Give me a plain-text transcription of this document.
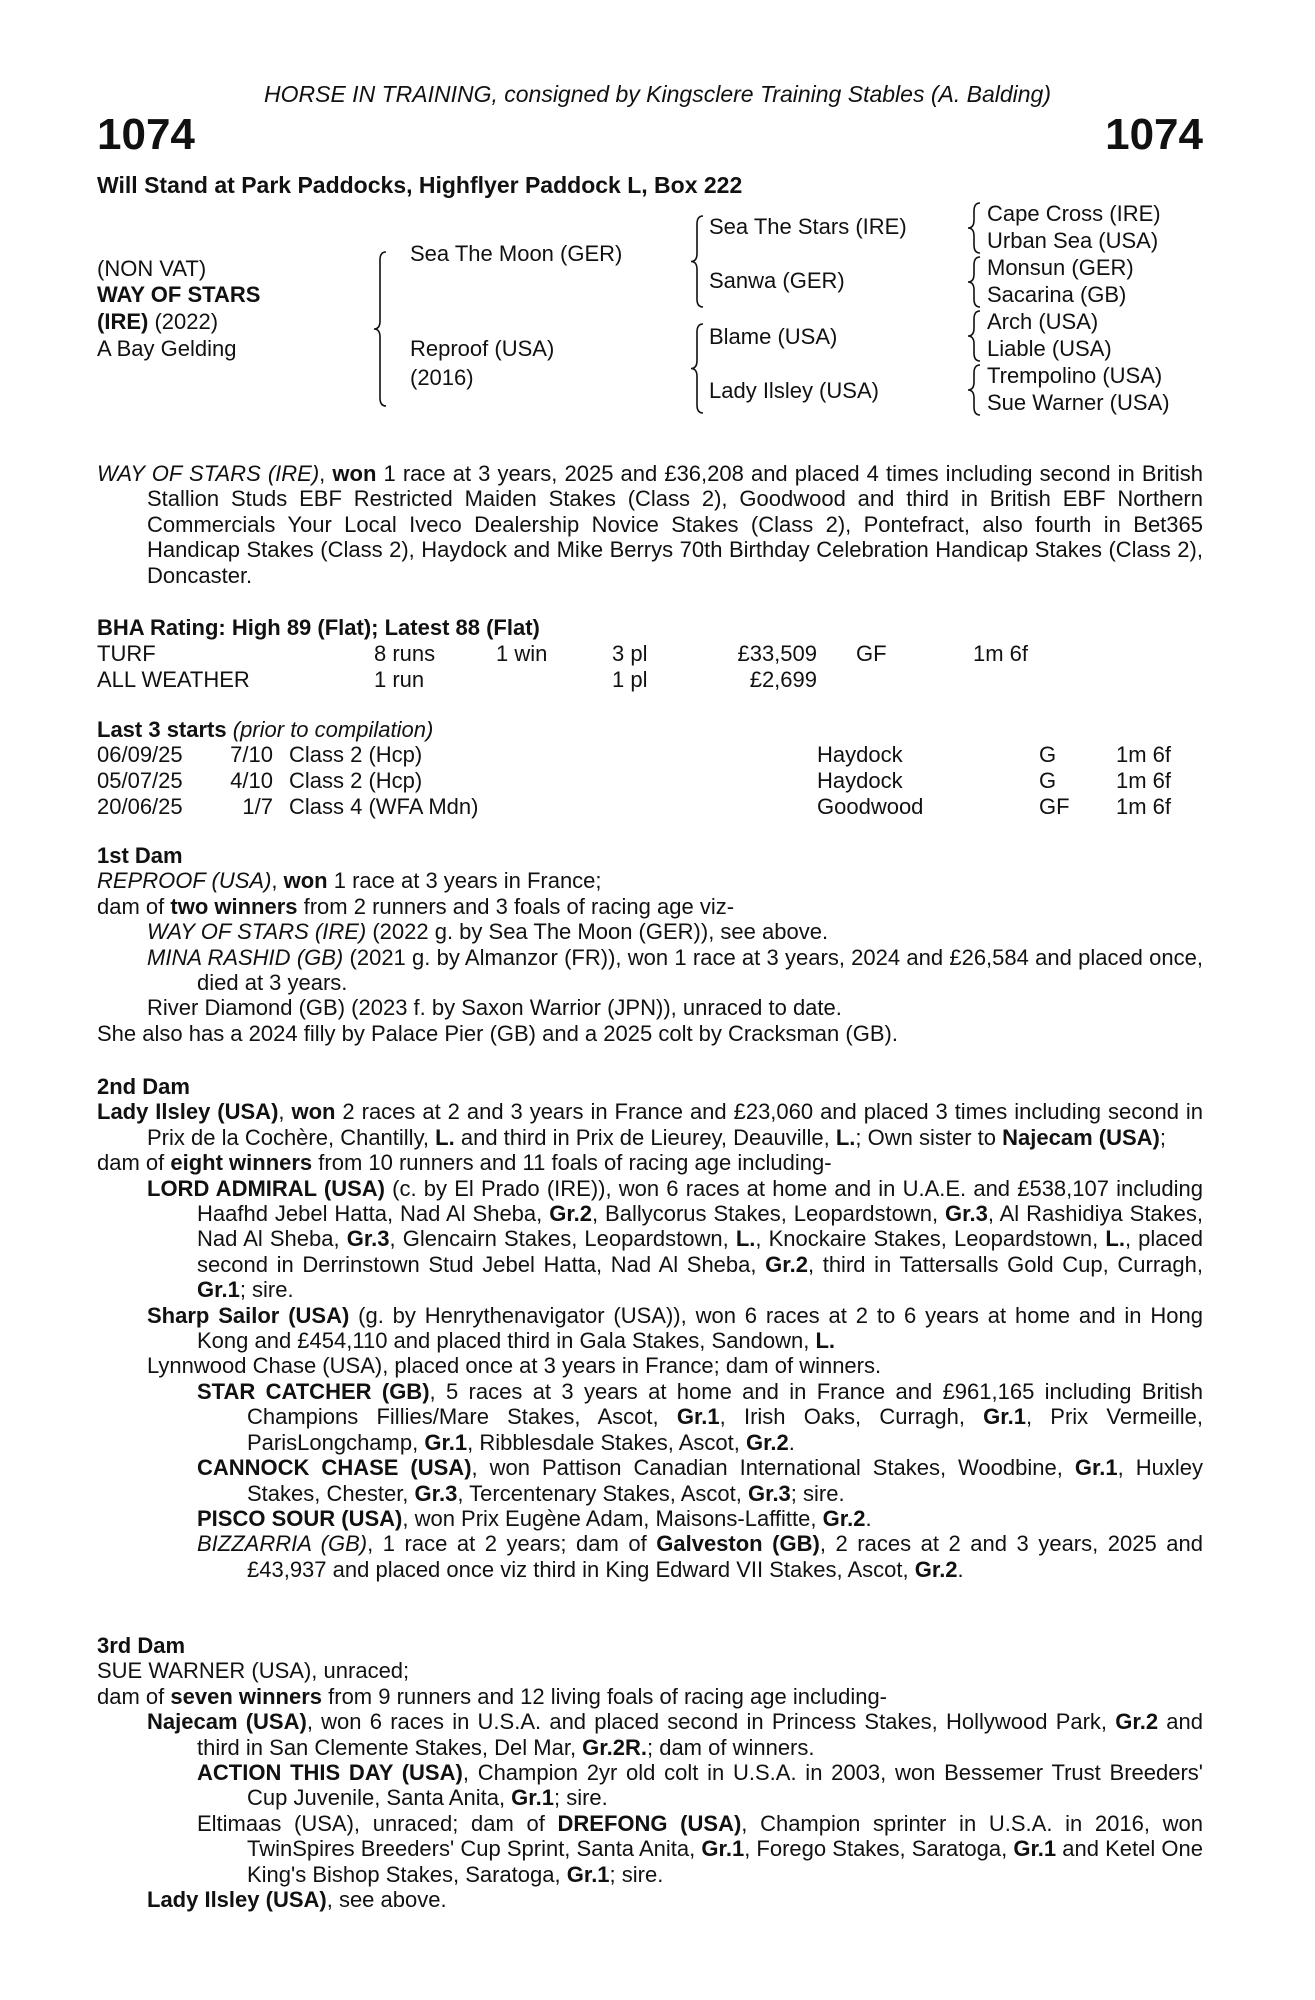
HORSE IN TRAINING, consigned by Kingsclere Training Stables (A. Balding)
1074	1074
Will Stand at Park Paddocks, Highflyer Paddock L, Box 222
(NON VAT)
WAY OF STARS
(IRE) (2022)
A Bay Gelding
Sea The Moon (GER)
Reproof (USA)
(2016)
Sea The Stars (IRE)
Sanwa (GER)
Blame (USA)
Lady Ilsley (USA)
Cape Cross (IRE)
Urban Sea (USA)
Monsun (GER)
Sacarina (GB)
Arch (USA)
Liable (USA)
Trempolino (USA)
Sue Warner (USA)
WAY OF STARS (IRE), won 1 race at 3 years, 2025 and £36,208 and placed 4 times including second in British Stallion Studs EBF Restricted Maiden Stakes (Class 2), Goodwood and third in British EBF Northern Commercials Your Local Iveco Dealership Novice Stakes (Class 2), Pontefract, also fourth in Bet365 Handicap Stakes (Class 2), Haydock and Mike Berrys 70th Birthday Celebration Handicap Stakes (Class 2), Doncaster.
BHA Rating: High 89 (Flat); Latest 88 (Flat)
TURF	8 runs	1 win	3 pl	£33,509 GF	1m 6f
ALL WEATHER	1 run	1 pl	£2,699
Last 3 starts (prior to compilation)
06/09/25 7/10 Class 2 (Hcp)	Haydock	G	1m 6f
05/07/25 4/10 Class 2 (Hcp)	Haydock	G	1m 6f
20/06/25	1/7 Class 4 (WFA Mdn)	Goodwood	GF 1m 6f
1st Dam
REPROOF (USA), won 1 race at 3 years in France;
dam of two winners from 2 runners and 3 foals of racing age viz-
WAY OF STARS (IRE) (2022 g. by Sea The Moon (GER)), see above.
MINA RASHID (GB) (2021 g. by Almanzor (FR)), won 1 race at 3 years, 2024 and £26,584 and placed once, died at 3 years.
River Diamond (GB) (2023 f. by Saxon Warrior (JPN)), unraced to date.
She also has a 2024 filly by Palace Pier (GB) and a 2025 colt by Cracksman (GB).
2nd Dam
Lady Ilsley (USA), won 2 races at 2 and 3 years in France and £23,060 and placed 3 times including second in Prix de la Cochère, Chantilly, L. and third in Prix de Lieurey, Deauville, L.; Own sister to Najecam (USA);
dam of eight winners from 10 runners and 11 foals of racing age including-
LORD ADMIRAL (USA) (c. by El Prado (IRE)), won 6 races at home and in U.A.E. and £538,107 including Haafhd Jebel Hatta, Nad Al Sheba, Gr.2, Ballycorus Stakes, Leopardstown, Gr.3, Al Rashidiya Stakes, Nad Al Sheba, Gr.3, Glencairn Stakes, Leopardstown, L., Knockaire Stakes, Leopardstown, L., placed second in Derrinstown Stud Jebel Hatta, Nad Al Sheba, Gr.2, third in Tattersalls Gold Cup, Curragh, Gr.1; sire.
Sharp Sailor (USA) (g. by Henrythenavigator (USA)), won 6 races at 2 to 6 years at home and in Hong Kong and £454,110 and placed third in Gala Stakes, Sandown, L.
Lynnwood Chase (USA), placed once at 3 years in France; dam of winners.
STAR CATCHER (GB), 5 races at 3 years at home and in France and £961,165 including British Champions Fillies/Mare Stakes, Ascot, Gr.1, Irish Oaks, Curragh, Gr.1, Prix Vermeille, ParisLongchamp, Gr.1, Ribblesdale Stakes, Ascot, Gr.2.
CANNOCK CHASE (USA), won Pattison Canadian International Stakes, Woodbine, Gr.1, Huxley Stakes, Chester, Gr.3, Tercentenary Stakes, Ascot, Gr.3; sire.
PISCO SOUR (USA), won Prix Eugène Adam, Maisons-Laffitte, Gr.2.
BIZZARRIA (GB), 1 race at 2 years; dam of Galveston (GB), 2 races at 2 and 3 years, 2025 and £43,937 and placed once viz third in King Edward VII Stakes, Ascot, Gr.2.
3rd Dam
SUE WARNER (USA), unraced;
dam of seven winners from 9 runners and 12 living foals of racing age including-
Najecam (USA), won 6 races in U.S.A. and placed second in Princess Stakes, Hollywood Park, Gr.2 and third in San Clemente Stakes, Del Mar, Gr.2R.; dam of winners.
ACTION THIS DAY (USA), Champion 2yr old colt in U.S.A. in 2003, won Bessemer Trust Breeders' Cup Juvenile, Santa Anita, Gr.1; sire.
Eltimaas (USA), unraced; dam of DREFONG (USA), Champion sprinter in U.S.A. in 2016, won TwinSpires Breeders' Cup Sprint, Santa Anita, Gr.1, Forego Stakes, Saratoga, Gr.1 and Ketel One King's Bishop Stakes, Saratoga, Gr.1; sire.
Lady Ilsley (USA), see above.
